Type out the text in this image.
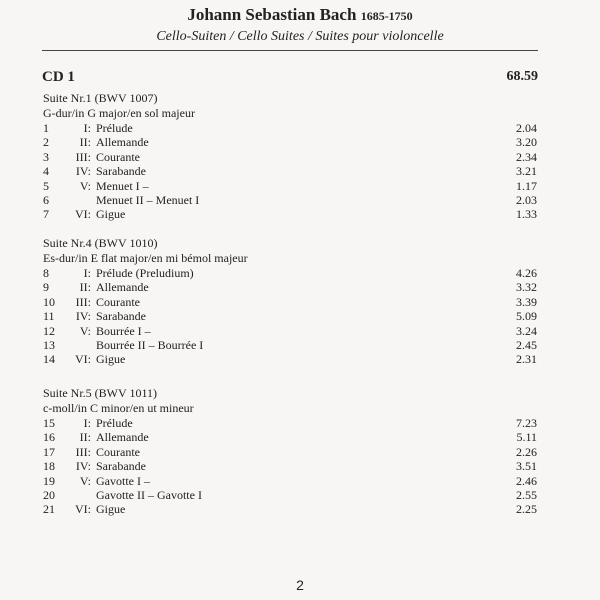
Johann Sebastian Bach 1685-1750
Cello-Suiten / Cello Suites / Suites pour violoncelle
CD 1	68.59
Suite Nr.1 (BWV 1007)
G-dur/in G major/en sol majeur
1	I: Prélude	2.04
2	II: Allemande	3.20
3	III: Courante	2.34
4	IV: Sarabande	3.21
5	V: Menuet I –	1.17
6	Menuet II – Menuet I	2.03
7	VI: Gigue	1.33
Suite Nr.4 (BWV 1010)
Es-dur/in E flat major/en mi bémol majeur
8	I: Prélude (Preludium)	4.26
9	II: Allemande	3.32
10	III: Courante	3.39
11	IV: Sarabande	5.09
12	V: Bourrée I –	3.24
13	Bourrée II – Bourrée I	2.45
14	VI: Gigue	2.31
Suite Nr.5 (BWV 1011)
c-moll/in C minor/en ut mineur
15	I: Prélude	7.23
16	II: Allemande	5.11
17	III: Courante	2.26
18	IV: Sarabande	3.51
19	V: Gavotte I –	2.46
20	Gavotte II – Gavotte I	2.55
21	VI: Gigue	2.25
2
